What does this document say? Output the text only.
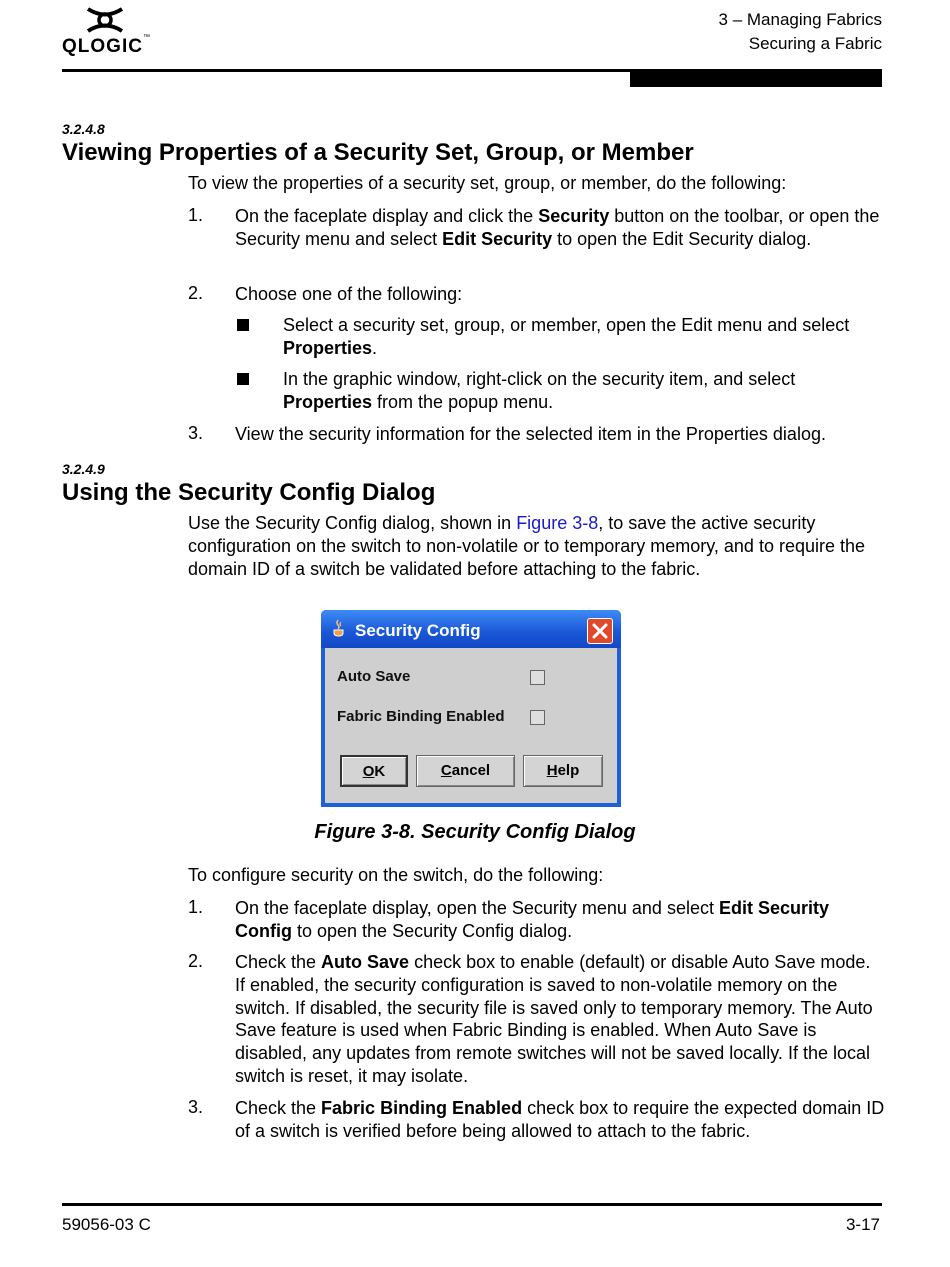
QLOGIC™
3 – Managing Fabrics
Securing a Fabric
3.2.4.8
Viewing Properties of a Security Set, Group, or Member
To view the properties of a security set, group, or member, do the following:
1. On the faceplate display and click the Security button on the toolbar, or open the Security menu and select Edit Security to open the Edit Security dialog.
2. Choose one of the following:
Select a security set, group, or member, open the Edit menu and select Properties.
In the graphic window, right-click on the security item, and select Properties from the popup menu.
3. View the security information for the selected item in the Properties dialog.
3.2.4.9
Using the Security Config Dialog
Use the Security Config dialog, shown in Figure 3-8, to save the active security configuration on the switch to non-volatile or to temporary memory, and to require the domain ID of a switch be validated before attaching to the fabric.
Security Config
Auto Save
Fabric Binding Enabled
OK	Cancel	Help
Figure 3-8. Security Config Dialog
To configure security on the switch, do the following:
1. On the faceplate display, open the Security menu and select Edit Security Config to open the Security Config dialog.
2. Check the Auto Save check box to enable (default) or disable Auto Save mode. If enabled, the security configuration is saved to non-volatile memory on the switch. If disabled, the security file is saved only to temporary memory. The Auto Save feature is used when Fabric Binding is enabled. When Auto Save is disabled, any updates from remote switches will not be saved locally. If the local switch is reset, it may isolate.
3. Check the Fabric Binding Enabled check box to require the expected domain ID of a switch is verified before being allowed to attach to the fabric.
59056-03 C	3-17
